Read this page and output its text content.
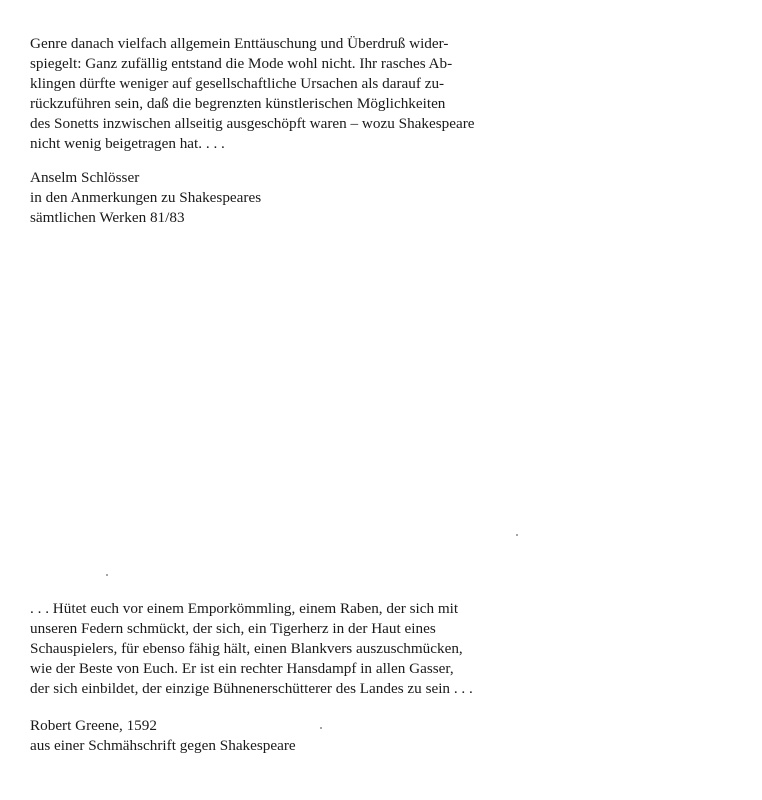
Genre danach vielfach allgemein Enttäuschung und Überdruß wider-
spiegelt: Ganz zufällig entstand die Mode wohl nicht. Ihr rasches Ab-
klingen dürfte weniger auf gesellschaftliche Ursachen als darauf zu-
rückzuführen sein, daß die begrenzten künstlerischen Möglichkeiten
des Sonetts inzwischen allseitig ausgeschöpft waren – wozu Shakespeare
nicht wenig beigetragen hat. . . .
Anselm Schlösser
in den Anmerkungen zu Shakespeares
sämtlichen Werken 81/83
. . . Hütet euch vor einem Emporkömmling, einem Raben, der sich mit
unseren Federn schmückt, der sich, ein Tigerherz in der Haut eines
Schauspielers, für ebenso fähig hält, einen Blankvers auszuschmücken,
wie der Beste von Euch. Er ist ein rechter Hansdampf in allen Gasser,
der sich einbildet, der einzige Bühnenerschütterer des Landes zu sein . . .
Robert Greene, 1592
aus einer Schmähschrift gegen Shakespeare
